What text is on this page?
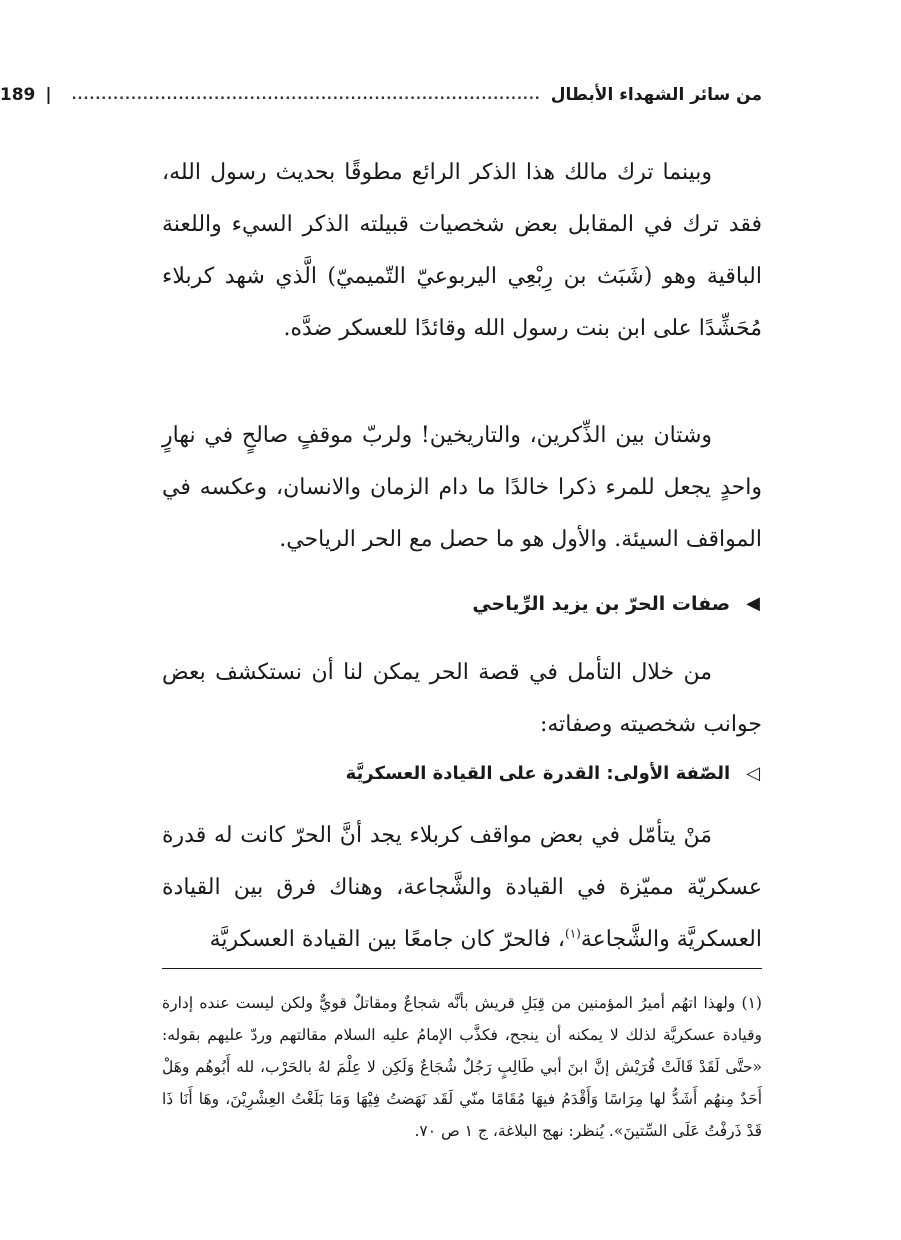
من سائر الشهداء الأبطال
...............................................................................
|
189

وبينما ترك مالك هذا الذكر الرائع مطوقًا بحديث رسول الله، فقد ترك في المقابل بعض شخصيات قبيلته الذكر السيء واللعنة الباقية وهو (شَبَث بن رِبْعِي اليربوعيّ التّميميّ) الَّذي شهد كربلاء مُحَشِّدًا على ابن بنت رسول الله وقائدًا للعسكر ضدَّه.

وشتان بين الذِّكرين، والتاريخين! ولربّ موقفٍ صالحٍ في نهارٍ واحدٍ يجعل للمرء ذكرا خالدًا ما دام الزمان والانسان، وعكسه في المواقف السيئة. والأول هو ما حصل مع الحر الرياحي.

◀
صفات الحرّ بن يزيد الرِّياحي

من خلال التأمل في قصة الحر يمكن لنا أن نستكشف بعض جوانب شخصيته وصفاته:

◁
الصّفة الأولى: القدرة على القيادة العسكريَّة

مَنْ يتأمّل في بعض مواقف كربلاء يجد أنَّ الحرّ كانت له قدرة عسكريّة مميّزة في القيادة والشَّجاعة، وهناك فرق بين القيادة العسكريَّة والشَّجاعة$^{(١)}$، فالحرّ كان جامعًا بين القيادة العسكريَّة

(١) ولهذا اتهُم أميرُ المؤمنين من قِبَلِ قريش بأنَّه شجاعٌ ومقاتلٌ قويٌّ ولكن ليست عنده إدارة وقيادة عسكريَّة لذلك لا يمكنه أن ينجح، فكذَّب الإمامُ عليه السلام مقالتهم وردّ عليهم بقوله: «حتَّى لَقَدْ قَالَتْ قُرَيْش إنَّ ابنَ أبي طَالِبٍ رَجُلٌ شُجَاعٌ وَلَكِن لا عِلْمَ لهُ بالحَرْب، لله أَبُوهُم وهَلْ أَحَدٌ مِنهُم أَشَدُّ لها مِرَاسًا وَأَقْدَمُ فيهَا مُقَامًا منّي لَقَد نَهَضتُ فِيْهَا وَمَا بَلَغْتُ العِشْرِيْنَ، وهَا أَنَا ذَا قَدْ ذَرفْتُ عَلَى السِّتينَ». يُنظر: نهج البلاغة، ج ١ ص ٧٠.
